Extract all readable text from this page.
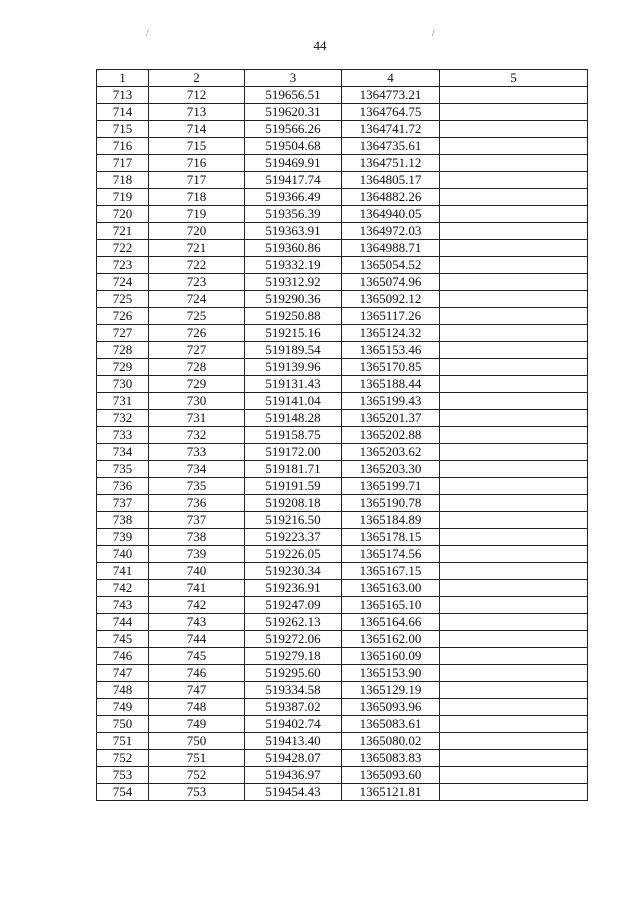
/	/
44
1	2	3	4	5
713	712	519656.51	1364773.21	
714	713	519620.31	1364764.75	
715	714	519566.26	1364741.72	
716	715	519504.68	1364735.61	
717	716	519469.91	1364751.12	
718	717	519417.74	1364805.17	
719	718	519366.49	1364882.26	
720	719	519356.39	1364940.05	
721	720	519363.91	1364972.03	
722	721	519360.86	1364988.71	
723	722	519332.19	1365054.52	
724	723	519312.92	1365074.96	
725	724	519290.36	1365092.12	
726	725	519250.88	1365117.26	
727	726	519215.16	1365124.32	
728	727	519189.54	1365153.46	
729	728	519139.96	1365170.85	
730	729	519131.43	1365188.44	
731	730	519141.04	1365199.43	
732	731	519148.28	1365201.37	
733	732	519158.75	1365202.88	
734	733	519172.00	1365203.62	
735	734	519181.71	1365203.30	
736	735	519191.59	1365199.71	
737	736	519208.18	1365190.78	
738	737	519216.50	1365184.89	
739	738	519223.37	1365178.15	
740	739	519226.05	1365174.56	
741	740	519230.34	1365167.15	
742	741	519236.91	1365163.00	
743	742	519247.09	1365165.10	
744	743	519262.13	1365164.66	
745	744	519272.06	1365162.00	
746	745	519279.18	1365160.09	
747	746	519295.60	1365153.90	
748	747	519334.58	1365129.19	
749	748	519387.02	1365093.96	
750	749	519402.74	1365083.61	
751	750	519413.40	1365080.02	
752	751	519428.07	1365083.83	
753	752	519436.97	1365093.60	
754	753	519454.43	1365121.81	
